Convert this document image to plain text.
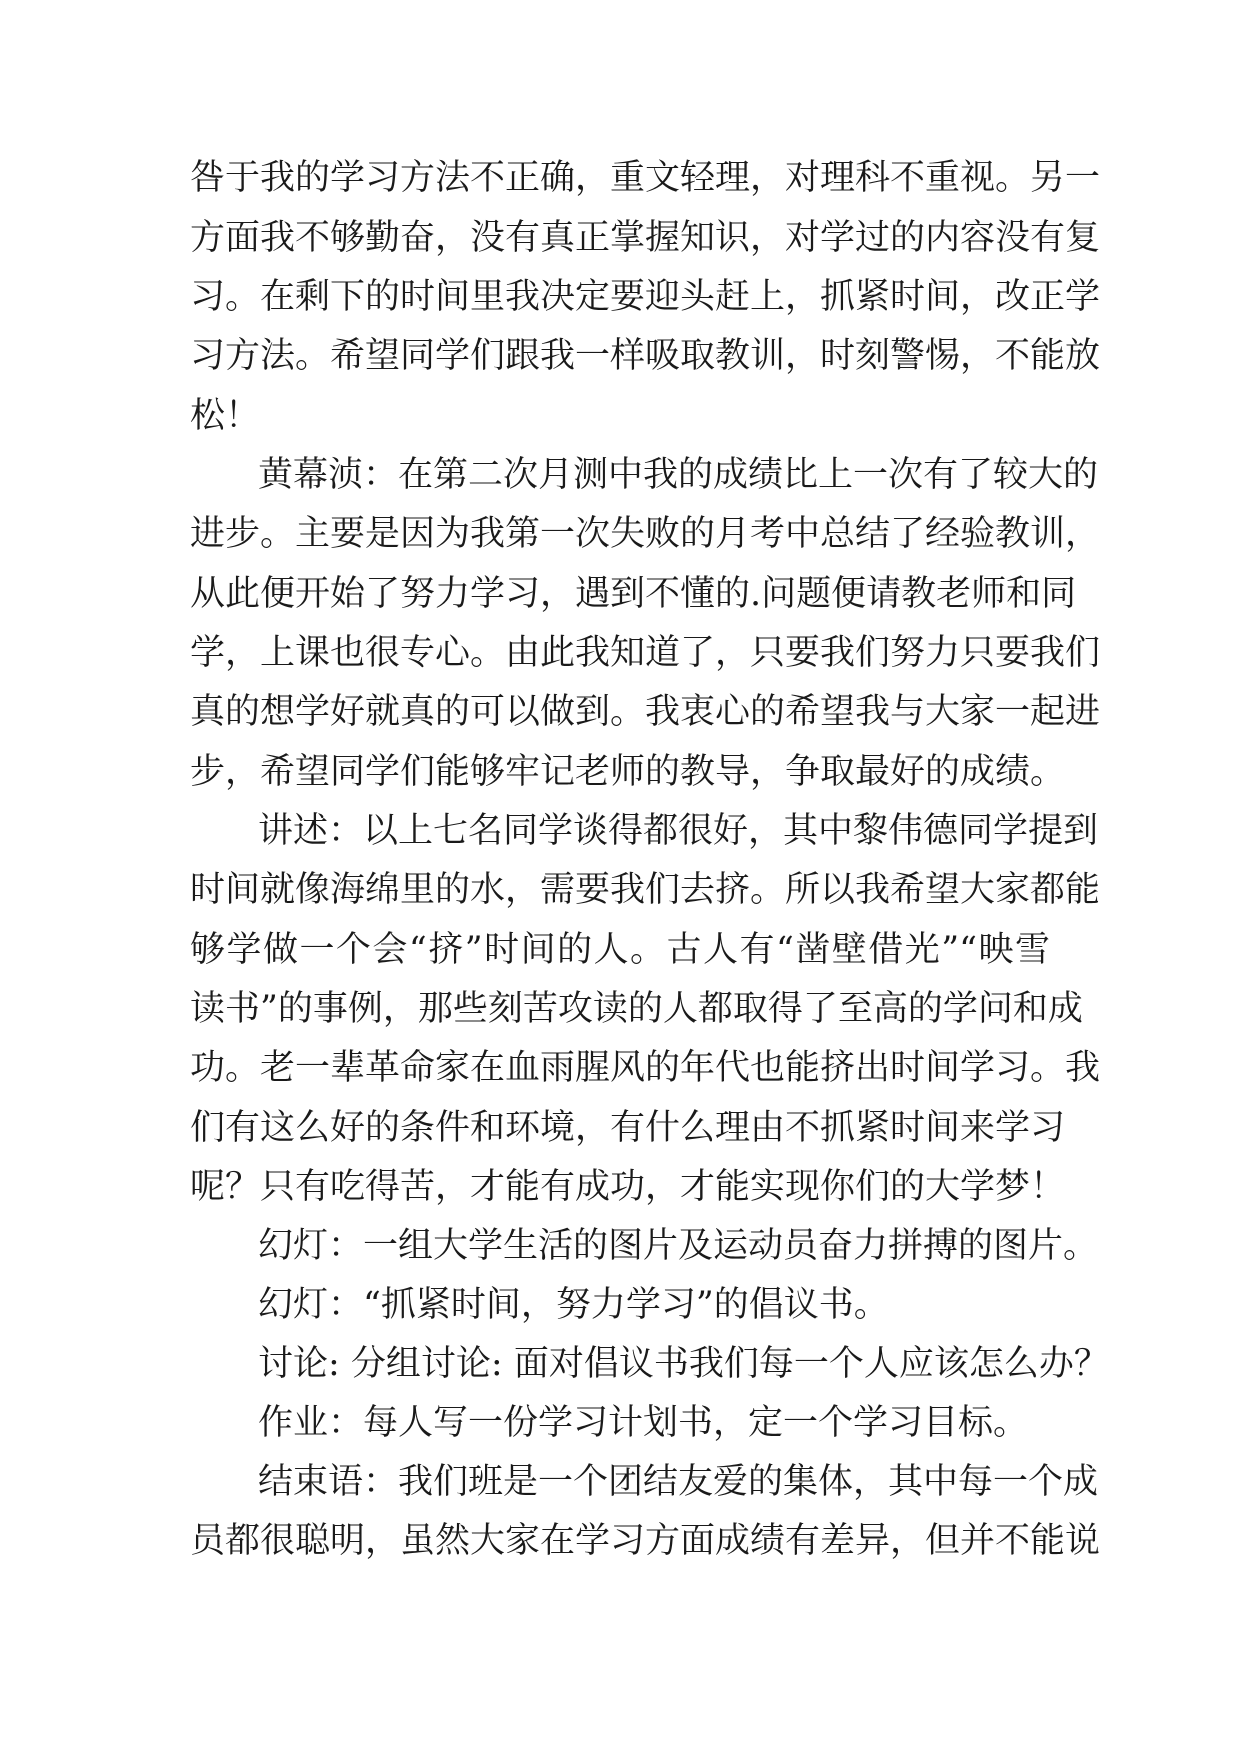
咎于我的学习方法不正确，重文轻理，对理科不重视。另一
方面我不够勤奋，没有真正掌握知识，对学过的内容没有复
习。在剩下的时间里我决定要迎头赶上，抓紧时间，改正学
习方法。希望同学们跟我一样吸取教训，时刻警惕，不能放
松！
黄幕浈：在第二次月测中我的成绩比上一次有了较大的
进步。主要是因为我第一次失败的月考中总结了经验教训，
从此便开始了努力学习，遇到不懂的.问题便请教老师和同
学，上课也很专心。由此我知道了，只要我们努力只要我们
真的想学好就真的可以做到。我衷心的希望我与大家一起进
步，希望同学们能够牢记老师的教导，争取最好的成绩。
讲述：以上七名同学谈得都很好，其中黎伟德同学提到
时间就像海绵里的水，需要我们去挤。所以我希望大家都能
够学做一个会“挤”时间的人。古人有“凿壁借光”“映雪
读书”的事例，那些刻苦攻读的人都取得了至高的学问和成
功。老一辈革命家在血雨腥风的年代也能挤出时间学习。我
们有这么好的条件和环境，有什么理由不抓紧时间来学习
呢？只有吃得苦，才能有成功，才能实现你们的大学梦！
幻灯：一组大学生活的图片及运动员奋力拼搏的图片。
幻灯：“抓紧时间，努力学习”的倡议书。
讨论: 分组讨论: 面对倡议书我们每一个人应该怎么办？
作业：每人写一份学习计划书，定一个学习目标。
结束语：我们班是一个团结友爱的集体，其中每一个成
员都很聪明，虽然大家在学习方面成绩有差异，但并不能说
